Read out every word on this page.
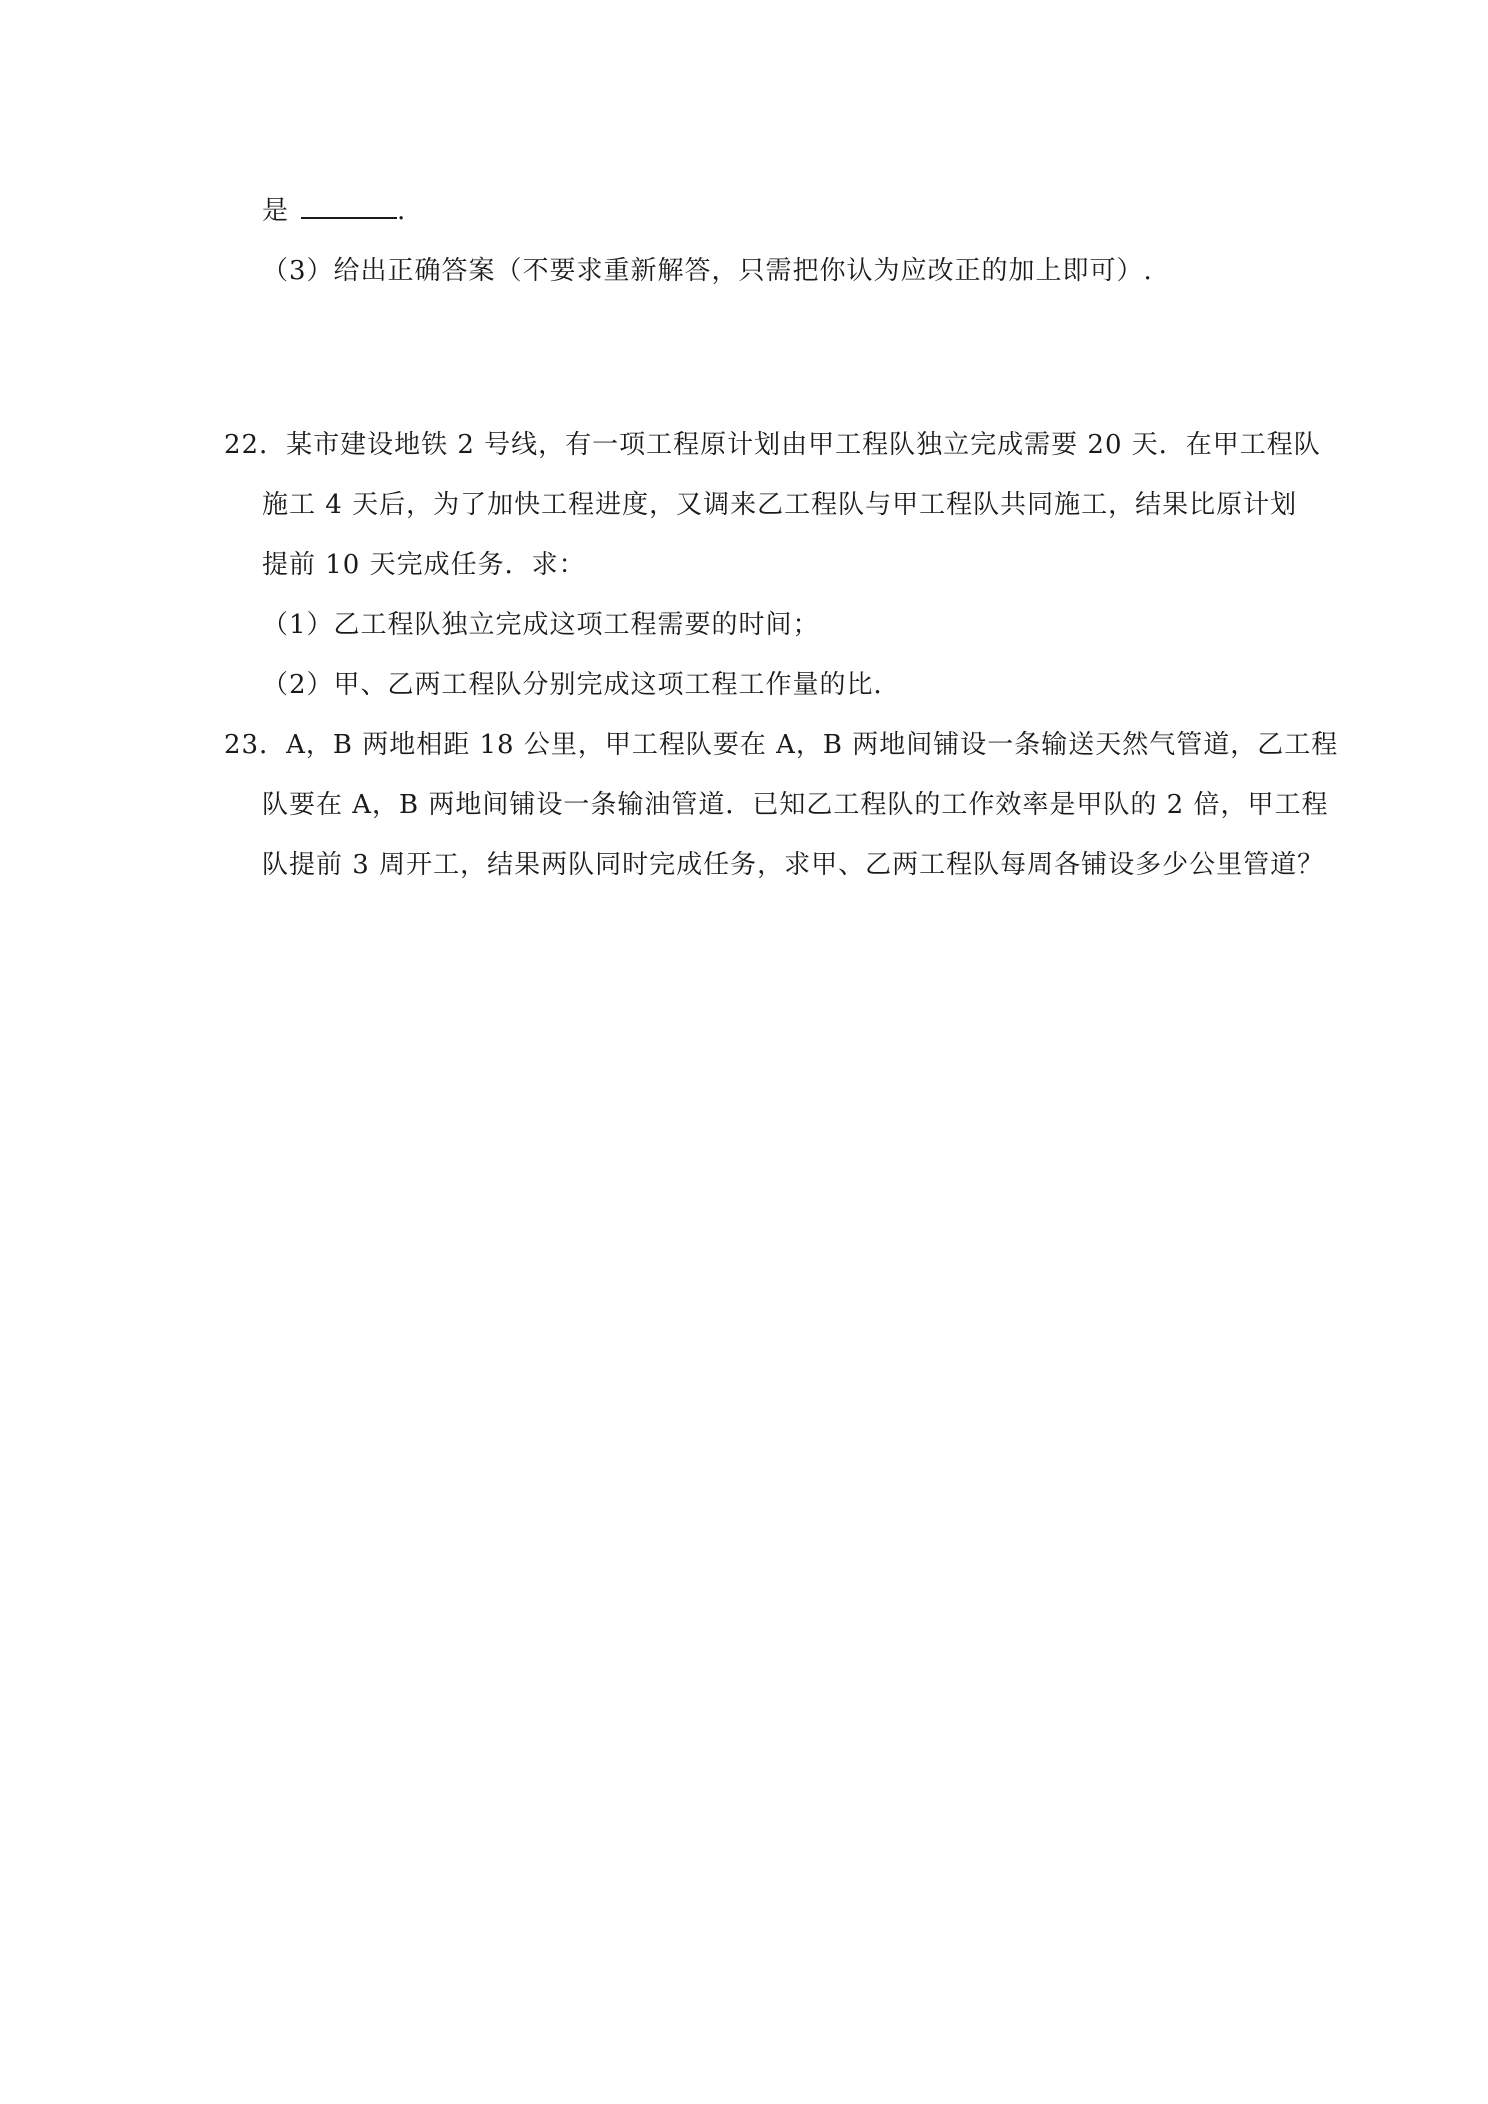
是	.
（3）给出正确答案（不要求重新解答，只需把你认为应改正的加上即可）.
22．某市建设地铁 2 号线，有一项工程原计划由甲工程队独立完成需要 20 天．在甲工程队
施工 4 天后，为了加快工程进度，又调来乙工程队与甲工程队共同施工，结果比原计划
提前 10 天完成任务．求：
（1）乙工程队独立完成这项工程需要的时间；
（2）甲、乙两工程队分别完成这项工程工作量的比．
23．A，B 两地相距 18 公里，甲工程队要在 A，B 两地间铺设一条输送天然气管道，乙工程
队要在 A，B 两地间铺设一条输油管道．已知乙工程队的工作效率是甲队的 2 倍，甲工程
队提前 3 周开工，结果两队同时完成任务，求甲、乙两工程队每周各铺设多少公里管道？
